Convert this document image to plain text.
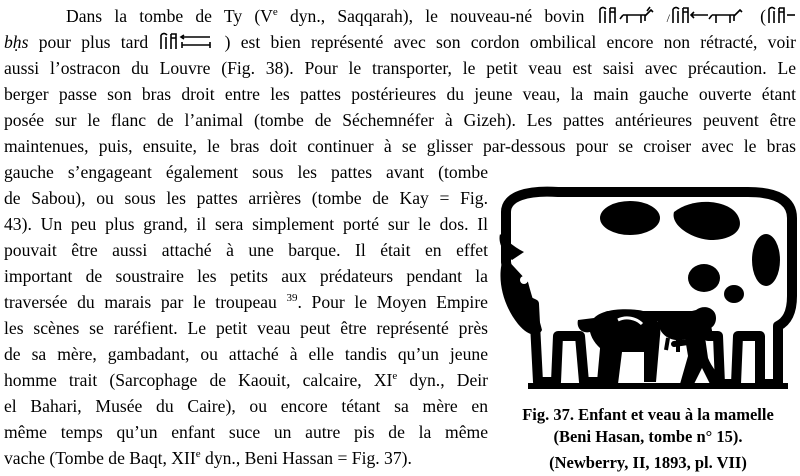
Dans la tombe de Ty (Ve dyn., Saqqarah), le nouveau-né bovin	/	(
bḥs pour plus tard	) est bien représenté avec son cordon ombilical encore non rétracté, voir
aussi l’ostracon du Louvre (Fig. 38). Pour le transporter, le petit veau est saisi avec précaution. Le
berger passe son bras droit entre les pattes postérieures du jeune veau, la main gauche ouverte étant
posée sur le flanc de l’animal (tombe de Séchemnéfer à Gizeh). Les pattes antérieures peuvent être
maintenues, puis, ensuite, le bras doit continuer à se glisser par-dessous pour se croiser avec le bras
gauche s’engageant également sous les pattes avant (tombe
de Sabou), ou sous les pattes arrières (tombe de Kay = Fig.
43). Un peu plus grand, il sera simplement porté sur le dos. Il
pouvait être aussi attaché à une barque. Il était en effet
important de soustraire les petits aux prédateurs pendant la
traversée du marais par le troupeau $^{39}$. Pour le Moyen Empire
les scènes se raréfient. Le petit veau peut être représenté près
de sa mère, gambadant, ou attaché à elle tandis qu’un jeune
homme trait (Sarcophage de Kaouit, calcaire, XIe dyn., Deir
el Bahari, Musée du Caire), ou encore tétant sa mère en
même temps qu’un enfant suce un autre pis de la même
vache (Tombe de Baqt, XIIe dyn., Beni Hassan = Fig. 37).
Fig. 37. Enfant et veau à la mamelle
(Beni Hasan, tombe n° 15).
(Newberry, II, 1893, pl. VII)
